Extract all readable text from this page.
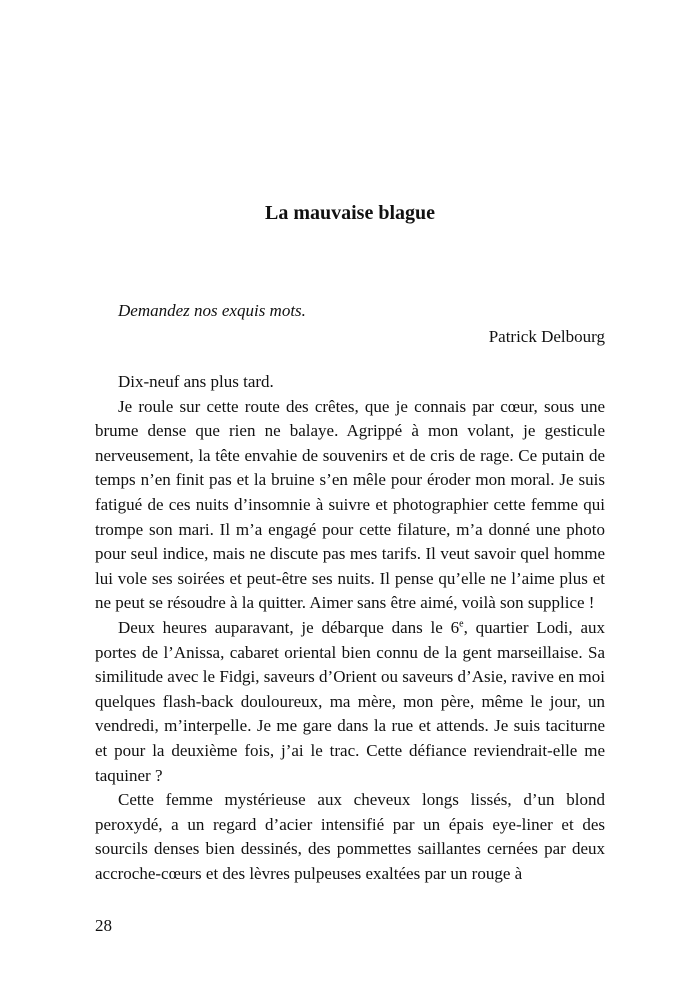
La mauvaise blague
Demandez nos exquis mots.
Patrick Delbourg

Dix-neuf ans plus tard.

Je roule sur cette route des crêtes, que je connais par cœur, sous une brume dense que rien ne balaye. Agrippé à mon volant, je gesticule nerveusement, la tête envahie de souvenirs et de cris de rage. Ce putain de temps n’en finit pas et la bruine s’en mêle pour éroder mon moral. Je suis fatigué de ces nuits d’insomnie à suivre et photographier cette femme qui trompe son mari. Il m’a engagé pour cette filature, m’a donné une photo pour seul indice, mais ne discute pas mes tarifs. Il veut savoir quel homme lui vole ses soirées et peut-être ses nuits. Il pense qu’elle ne l’aime plus et ne peut se résoudre à la quitter. Aimer sans être aimé, voilà son supplice !

Deux heures auparavant, je débarque dans le 6e, quartier Lodi, aux portes de l’Anissa, cabaret oriental bien connu de la gent marseillaise. Sa similitude avec le Fidgi, saveurs d’Orient ou saveurs d’Asie, ravive en moi quelques flash-back douloureux, ma mère, mon père, même le jour, un vendredi, m’interpelle. Je me gare dans la rue et attends. Je suis taciturne et pour la deuxième fois, j’ai le trac. Cette défiance reviendrait-elle me taquiner ?

Cette femme mystérieuse aux cheveux longs lissés, d’un blond peroxydé, a un regard d’acier intensifié par un épais eye-liner et des sourcils denses bien dessinés, des pommettes saillantes cernées par deux accroche-cœurs et des lèvres pulpeuses exaltées par un rouge à

28
